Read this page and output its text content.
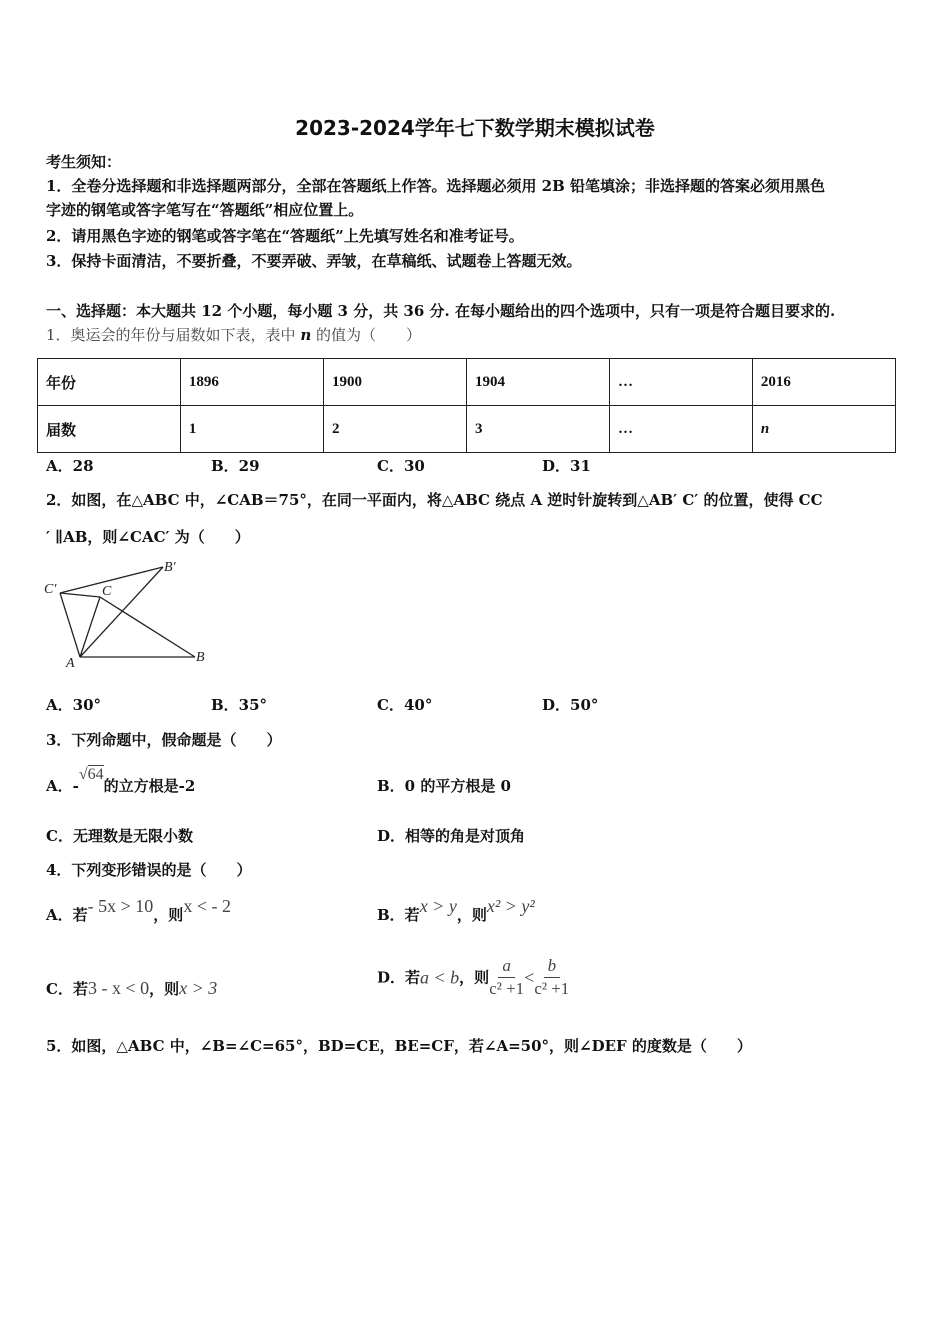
2023-2024学年七下数学期末模拟试卷
考生须知：
1．全卷分选择题和非选择题两部分，全部在答题纸上作答。选择题必须用 2B 铅笔填涂；非选择题的答案必须用黑色
字迹的钢笔或答字笔写在“答题纸”相应位置上。
2．请用黑色字迹的钢笔或答字笔在“答题纸”上先填写姓名和准考证号。
3．保持卡面清洁，不要折叠，不要弄破、弄皱，在草稿纸、试题卷上答题无效。
一、选择题：本大题共 12 个小题，每小题 3 分，共 36 分. 在每小题给出的四个选项中，只有一项是符合题目要求的.
1．奥运会的年份与届数如下表，表中 n 的值为（　　）
年份	1896	1900	1904	…	2016
届数	1	2	3	…	n
A．28	B．29	C．30	D．31
2．如图，在△ABC 中，∠CAB＝75°，在同一平面内，将△ABC 绕点 A 逆时针旋转到△AB′ C′ 的位置，使得 CC
′ ∥AB，则∠CAC′ 为（　　）
C′	C
B′
A	B
A．30°	B．35°	C．40°	D．50°
3．下列命题中，假命题是（　　）
A．-√64的立方根是-2	B．0 的平方根是 0
C．无理数是无限小数	D．相等的角是对顶角
4．下列变形错误的是（　　）
A．若- 5x > 10，则x < - 2	B．若x > y，则x² > y²
C．若3 - x < 0，则x > 3
D．若a < b，则 $\frac{a}{\text{c² +1}} < \frac{b}{\text{c² +1}}$
5．如图，△ABC 中，∠B=∠C=65°，BD=CE，BE=CF，若∠A=50°，则∠DEF 的度数是（　　）
